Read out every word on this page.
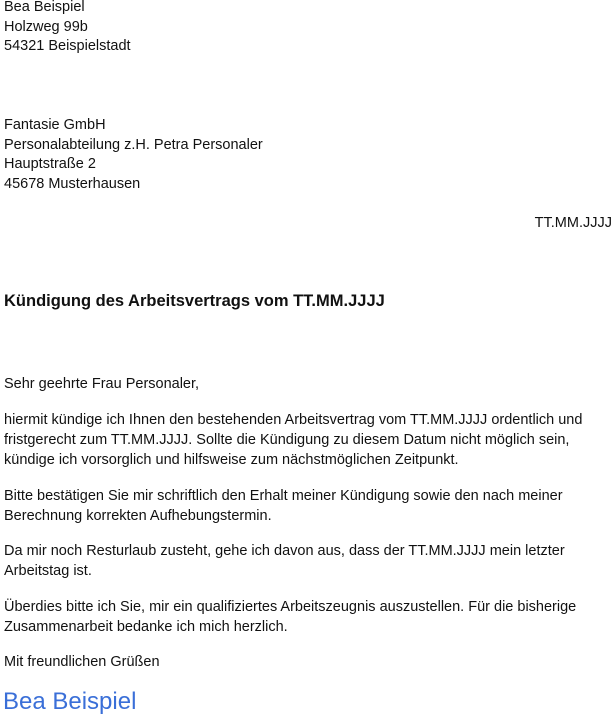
Bea Beispiel
Holzweg 99b
54321 Beispielstadt
Fantasie GmbH
Personalabteilung z.H. Petra Personaler
Hauptstraße 2
45678 Musterhausen
TT.MM.JJJJ
Kündigung des Arbeitsvertrags vom TT.MM.JJJJ
Sehr geehrte Frau Personaler,
hiermit kündige ich Ihnen den bestehenden Arbeitsvertrag vom TT.MM.JJJJ ordentlich und fristgerecht zum TT.MM.JJJJ. Sollte die Kündigung zu diesem Datum nicht möglich sein, kündige ich vorsorglich und hilfsweise zum nächstmöglichen Zeitpunkt.
Bitte bestätigen Sie mir schriftlich den Erhalt meiner Kündigung sowie den nach meiner Berechnung korrekten Aufhebungstermin.
Da mir noch Resturlaub zusteht, gehe ich davon aus, dass der TT.MM.JJJJ mein letzter Arbeitstag ist.
Überdies bitte ich Sie, mir ein qualifiziertes Arbeitszeugnis auszustellen. Für die bisherige Zusammenarbeit bedanke ich mich herzlich.
Mit freundlichen Grüßen
Bea Beispiel
